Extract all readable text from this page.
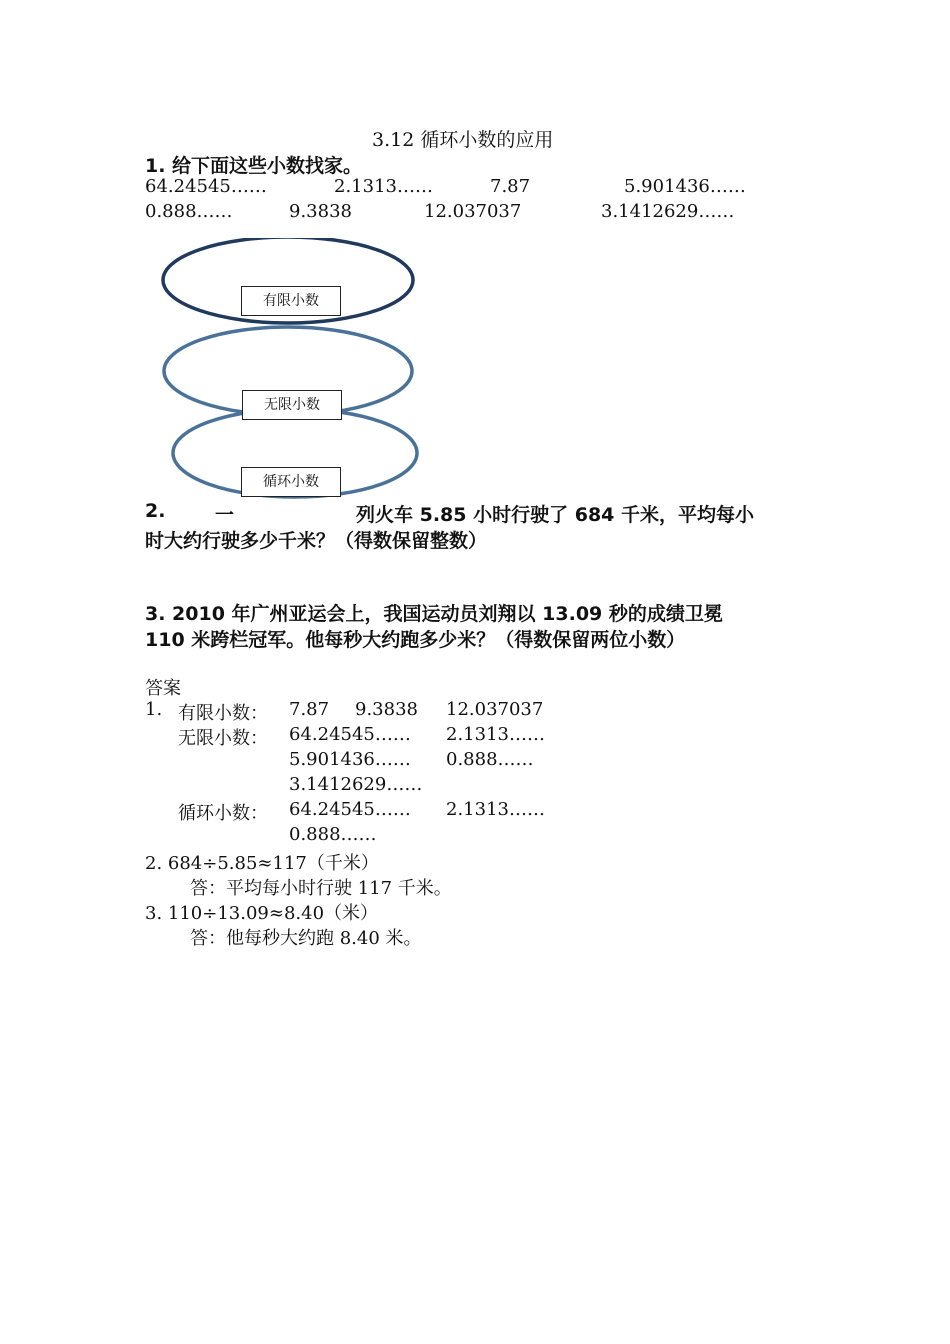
3.12 循环小数的应用
1. 给下面这些小数找家。
64.24545……	2.1313……	7.87	5.901436……
0.888……	9.3838	12.037037	3.1412629……
有限小数
无限小数
循环小数
2.	一	列火车 5.85 小时行驶了 684 千米，平均每小
时大约行驶多少千米？（得数保留整数）
3. 2010 年广州亚运会上，我国运动员刘翔以 13.09 秒的成绩卫冕
110 米跨栏冠军。他每秒大约跑多少米？（得数保留两位小数）
答案
1. 有限小数： 7.87 9.3838 12.037037
无限小数： 64.24545…… 2.1313……
5.901436…… 0.888……
3.1412629……
循环小数： 64.24545…… 2.1313……
0.888……
2. 684÷5.85≈117（千米）
答：平均每小时行驶 117 千米。
3. 110÷13.09≈8.40（米）
答：他每秒大约跑 8.40 米。
